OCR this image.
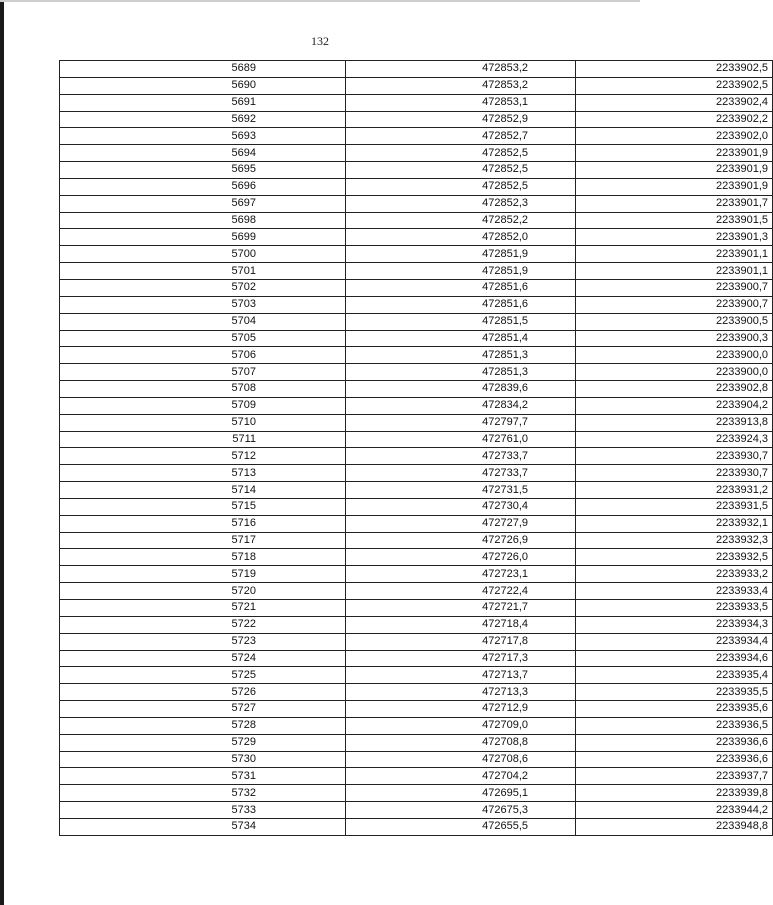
132
5689	472853,2	2233902,5
5690	472853,2	2233902,5
5691	472853,1	2233902,4
5692	472852,9	2233902,2
5693	472852,7	2233902,0
5694	472852,5	2233901,9
5695	472852,5	2233901,9
5696	472852,5	2233901,9
5697	472852,3	2233901,7
5698	472852,2	2233901,5
5699	472852,0	2233901,3
5700	472851,9	2233901,1
5701	472851,9	2233901,1
5702	472851,6	2233900,7
5703	472851,6	2233900,7
5704	472851,5	2233900,5
5705	472851,4	2233900,3
5706	472851,3	2233900,0
5707	472851,3	2233900,0
5708	472839,6	2233902,8
5709	472834,2	2233904,2
5710	472797,7	2233913,8
5711	472761,0	2233924,3
5712	472733,7	2233930,7
5713	472733,7	2233930,7
5714	472731,5	2233931,2
5715	472730,4	2233931,5
5716	472727,9	2233932,1
5717	472726,9	2233932,3
5718	472726,0	2233932,5
5719	472723,1	2233933,2
5720	472722,4	2233933,4
5721	472721,7	2233933,5
5722	472718,4	2233934,3
5723	472717,8	2233934,4
5724	472717,3	2233934,6
5725	472713,7	2233935,4
5726	472713,3	2233935,5
5727	472712,9	2233935,6
5728	472709,0	2233936,5
5729	472708,8	2233936,6
5730	472708,6	2233936,6
5731	472704,2	2233937,7
5732	472695,1	2233939,8
5733	472675,3	2233944,2
5734	472655,5	2233948,8
